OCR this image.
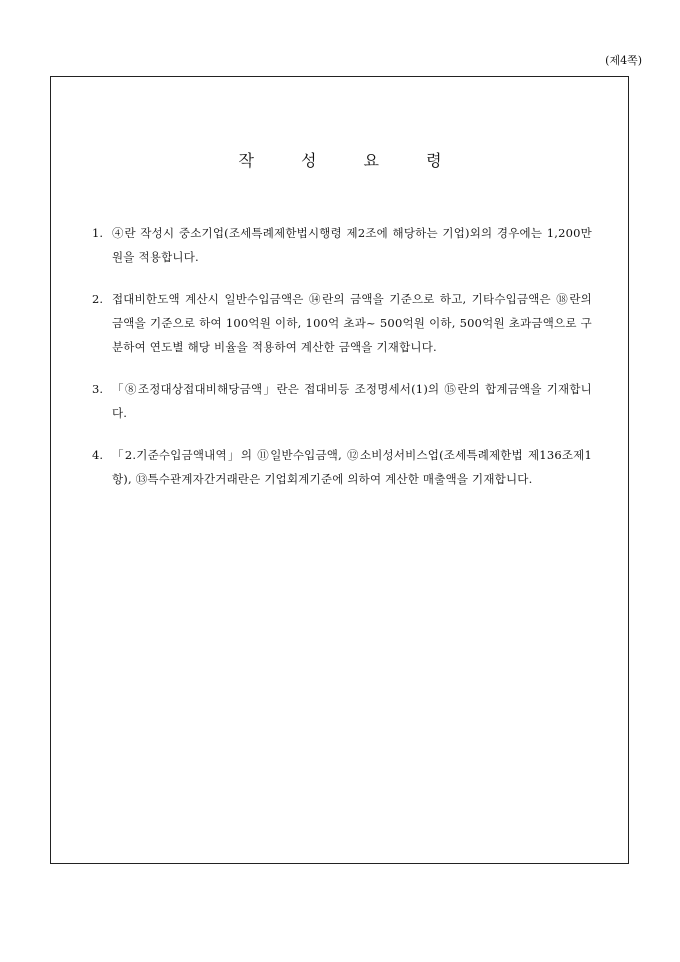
(제4쪽)
작 성 요 령
1. ④란 작성시 중소기업(조세특례제한법시행령 제2조에 해당하는 기업)외의 경우에는 1,200만원을 적용합니다.
2. 접대비한도액 계산시 일반수입금액은 ⑭란의 금액을 기준으로 하고, 기타수입금액은 ⑱란의 금액을 기준으로 하여 100억원 이하, 100억 초과~ 500억원 이하, 500억원 초과금액으로 구분하여 연도별 해당 비율을 적용하여 계산한 금액을 기재합니다.
3. 「⑧조정대상접대비해당금액」란은 접대비등 조정명세서(1)의 ⑮란의 합계금액을 기재합니다.
4. 「2.기준수입금액내역」의 ⑪일반수입금액, ⑫소비성서비스업(조세특례제한법 제136조제1항), ⑬특수관계자간거래란은 기업회계기준에 의하여 계산한 매출액을 기재합니다.
